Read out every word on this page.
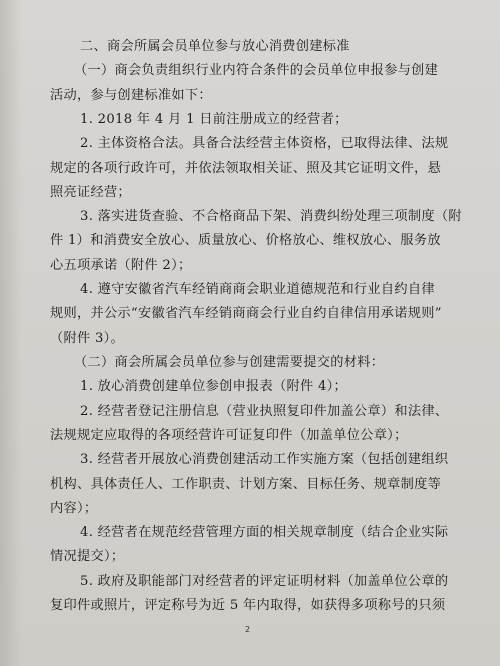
二、商会所属会员单位参与放心消费创建标准
（一）商会负责组织行业内符合条件的会员单位申报参与创建
活动，参与创建标准如下：
1. 2018 年 4 月 1 日前注册成立的经营者；
2. 主体资格合法。具备合法经营主体资格，已取得法律、法规
规定的各项行政许可，并依法领取相关证、照及其它证明文件，悬
照亮证经营；
3. 落实进货查验、不合格商品下架、消费纠纷处理三项制度（附
件 1）和消费安全放心、质量放心、价格放心、维权放心、服务放
心五项承诺（附件 2）；
4. 遵守安徽省汽车经销商商会职业道德规范和行业自约自律
规则，并公示“安徽省汽车经销商商会行业自约自律信用承诺规则”
（附件 3）。
（二）商会所属会员单位参与创建需要提交的材料：
1. 放心消费创建单位参创申报表（附件 4）；
2. 经营者登记注册信息（营业执照复印件加盖公章）和法律、
法规规定应取得的各项经营许可证复印件（加盖单位公章）；
3. 经营者开展放心消费创建活动工作实施方案（包括创建组织
机构、具体责任人、工作职责、计划方案、目标任务、规章制度等
内容）；
4. 经营者在规范经营管理方面的相关规章制度（结合企业实际
情况提交）；
5. 政府及职能部门对经营者的评定证明材料（加盖单位公章的
复印件或照片，评定称号为近 5 年内取得，如获得多项称号的只须
2
